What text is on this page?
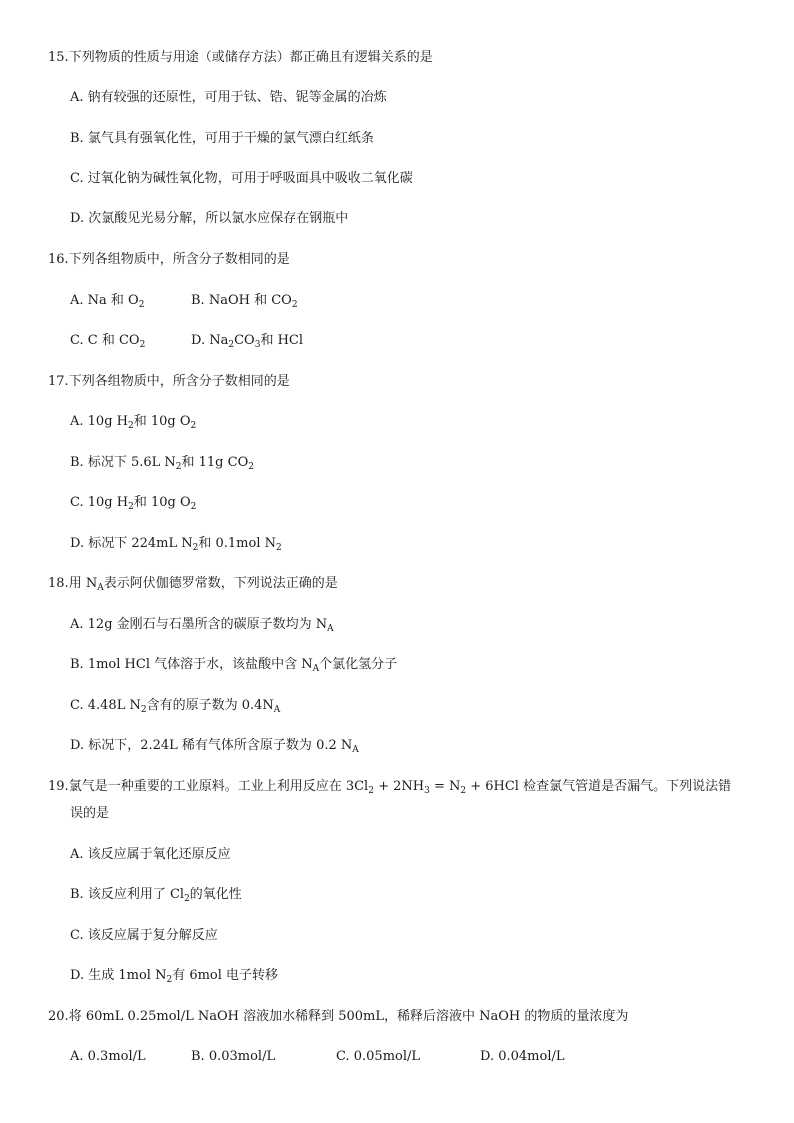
15.下列物质的性质与用途（或储存方法）都正确且有逻辑关系的是
A. 钠有较强的还原性，可用于钛、锆、铌等金属的冶炼
B. 氯气具有强氧化性，可用于干燥的氯气漂白红纸条
C. 过氧化钠为碱性氧化物，可用于呼吸面具中吸收二氧化碳
D. 次氯酸见光易分解，所以氯水应保存在钢瓶中
16.下列各组物质中，所含分子数相同的是
A. Na 和 $O_2$	B. NaOH 和 $CO_2$
C. C 和 $CO_2$	D. $Na_2CO_3$和 HCl
17.下列各组物质中，所含分子数相同的是
A. 10g $H_2$和 10g $O_2$
B. 标况下 5.6L $N_2$和 11g $CO_2$
C. 10g $H_2$和 10g $O_2$
D. 标况下 224mL $N_2$和 0.1mol $N_2$
18.用 $N_A$表示阿伏伽德罗常数，下列说法正确的是
A. 12g 金刚石与石墨所含的碳原子数均为 $N_A$
B. 1mol HCl 气体溶于水，该盐酸中含 $N_A$个氯化氢分子
C. 4.48L $N_2$含有的原子数为 $0.4N_A$
D. 标况下，2.24L 稀有气体所含原子数为 0.2 $N_A$
19.氯气是一种重要的工业原料。工业上利用反应在 $3Cl_2 + 2NH_3 = N_2 + 6HCl$ 检查氯气管道是否漏气。下列说法错
误的是
A. 该反应属于氧化还原反应
B. 该反应利用了 $Cl_2$的氧化性
C. 该反应属于复分解反应
D. 生成 1mol $N_2$有 6mol 电子转移
20.将 60mL 0.25mol/L NaOH 溶液加水稀释到 500mL，稀释后溶液中 NaOH 的物质的量浓度为
A. 0.3mol/L	B. 0.03mol/L	C. 0.05mol/L	D. 0.04mol/L
